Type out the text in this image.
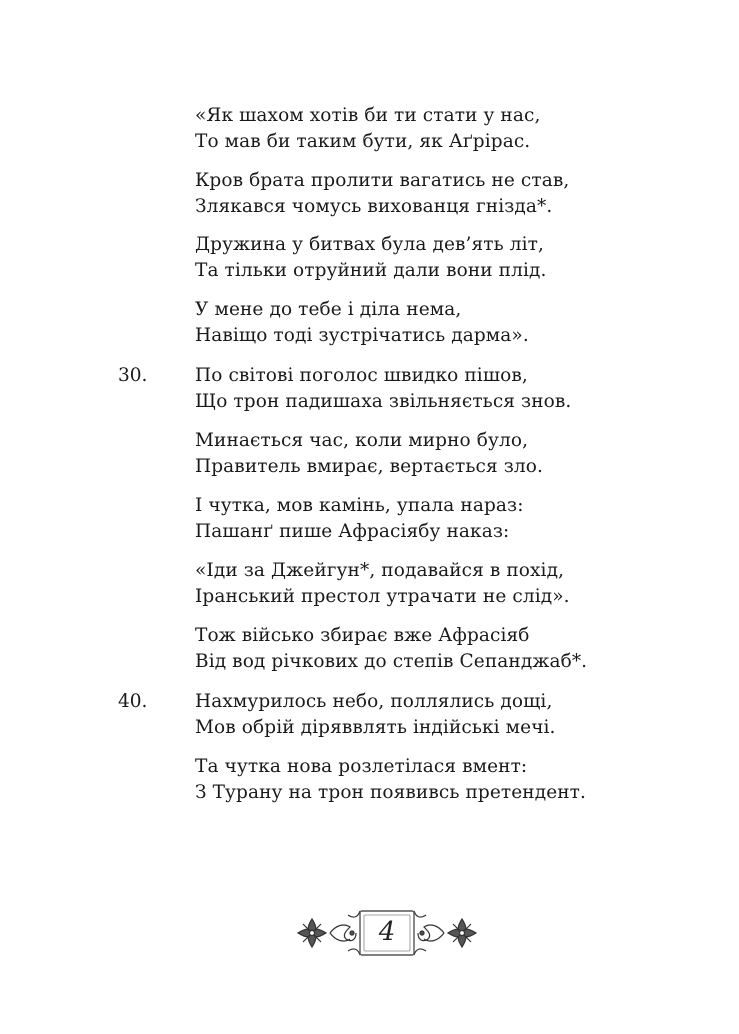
«Як шахом хотів би ти стати у нас,
То мав би таким бути, як Аґрірас.
Кров брата пролити вагатись не став,
Злякався чомусь вихованця гнізда*.
Дружина у битвах була дев’ять літ,
Та тільки отруйний дали вони плід.
У мене до тебе і діла нема,
Навіщо тоді зустрічатись дарма».
30.	По світові поголос швидко пішов,
Що трон падишаха звільняється знов.
Минається час, коли мирно було,
Правитель вмирає, вертається зло.
І чутка, мов камінь, упала нараз:
Пашанґ пише Афрасіябу наказ:
«Іди за Джейгун*, подавайся в похід,
Іранський престол утрачати не слід».
Тож військо збирає вже Афрасіяб
Від вод річкових до степів Сепанджаб*.
40.	Нахмурилось небо, поллялись дощі,
Мов обрій діряввлять індійські мечі.
Та чутка нова розлетілася вмент:
З Турану на трон появивсь претендент.
4
